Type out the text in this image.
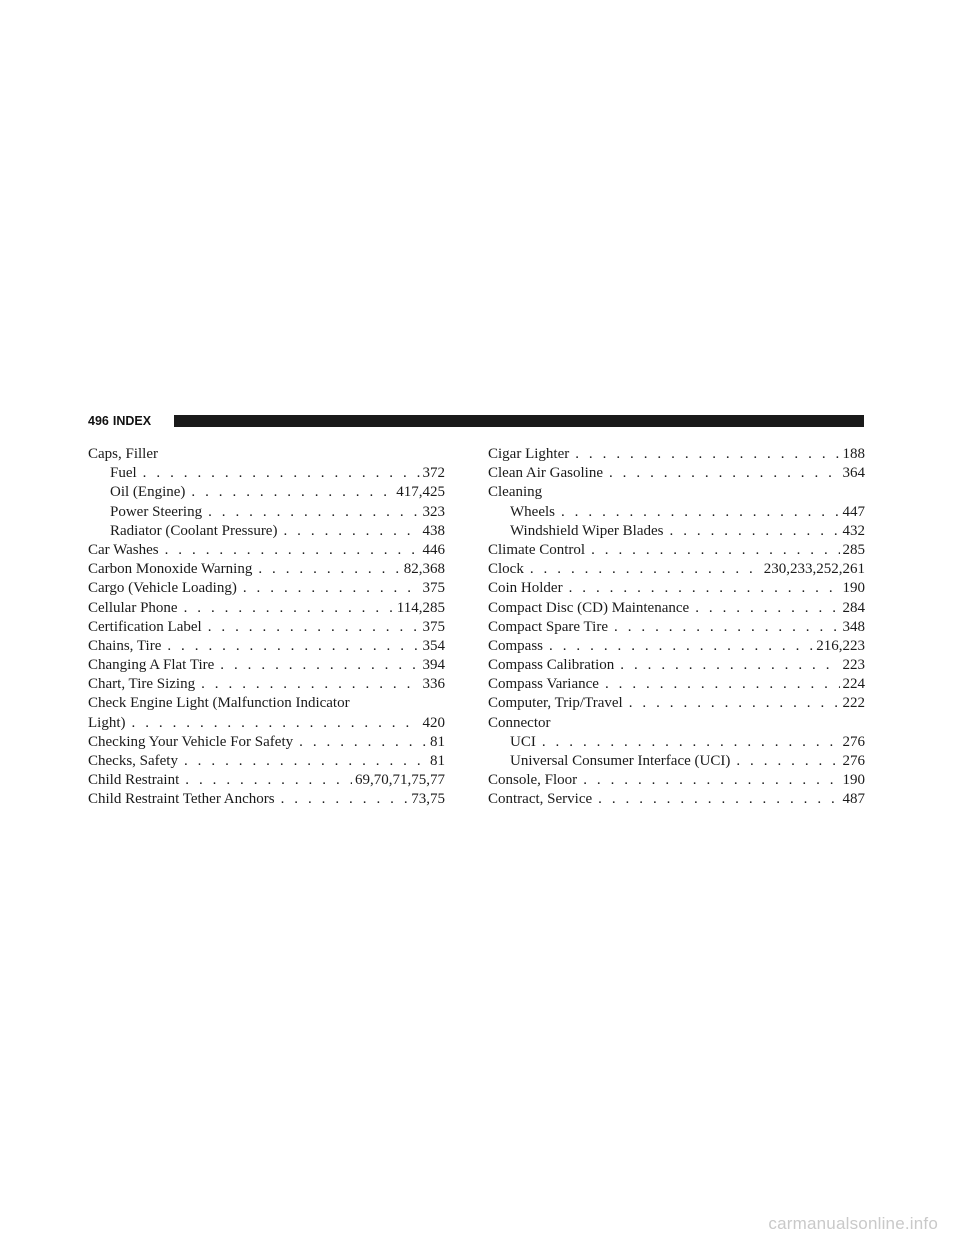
496 INDEX
Caps, Filler
Fuel . . .	372
Oil (Engine) . . .	417,425
Power Steering . . .	323
Radiator (Coolant Pressure) . . .	438
Car Washes . . .	446
Carbon Monoxide Warning . . .	82,368
Cargo (Vehicle Loading) . . .	375
Cellular Phone . . .	114,285
Certification Label . . .	375
Chains, Tire . . .	354
Changing A Flat Tire . . .	394
Chart, Tire Sizing . . .	336
Check Engine Light (Malfunction Indicator
Light) . . .	420
Checking Your Vehicle For Safety . . .	81
Checks, Safety . . .	81
Child Restraint . . .	69,70,71,75,77
Child Restraint Tether Anchors . . .	73,75
Cigar Lighter . . .	188
Clean Air Gasoline . . .	364
Cleaning
Wheels . . .	447
Windshield Wiper Blades . . .	432
Climate Control . . .	285
Clock . . .	230,233,252,261
Coin Holder . . .	190
Compact Disc (CD) Maintenance . . .	284
Compact Spare Tire . . .	348
Compass . . .	216,223
Compass Calibration . . .	223
Compass Variance . . .	224
Computer, Trip/Travel . . .	222
Connector
UCI . . .	276
Universal Consumer Interface (UCI) . . .	276
Console, Floor . . .	190
Contract, Service . . .	487
carmanualsonline.info
